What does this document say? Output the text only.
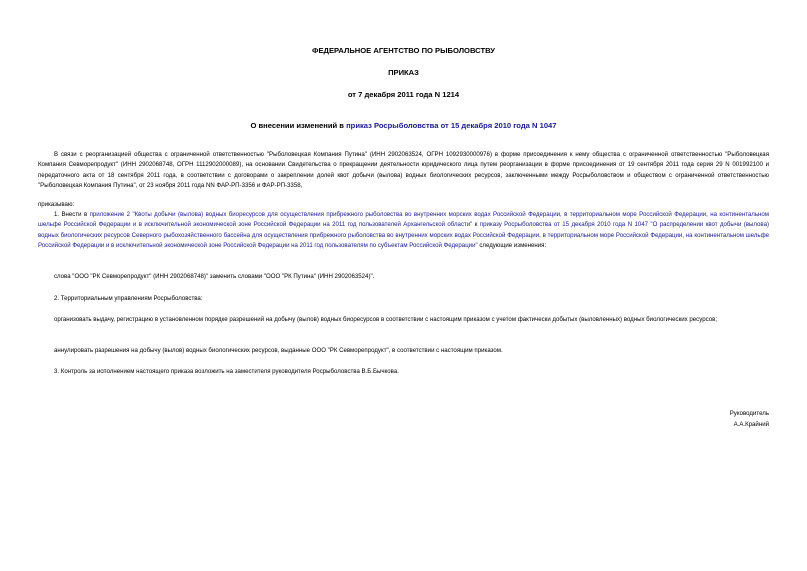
ФЕДЕРАЛЬНОЕ АГЕНТСТВО ПО РЫБОЛОВСТВУ
ПРИКАЗ
от 7 декабря 2011 года N 1214
О внесении изменений в приказ Росрыболовства от 15 декабря 2010 года N 1047
В связи с реорганизацией общества с ограниченной ответственностью "Рыболовецкая Компания Путина" (ИНН 2902063524, ОГРН 1092930000976) в форме присоединения к нему общества с ограниченной ответственностью "Рыболовецкая Компания Севморепродукт" (ИНН 2902068748, ОГРН 1112902000089), на основании Свидетельства о прекращении деятельности юридического лица путем реорганизации в форме присоединения от 19 сентября 2011 года серия 29 N 001992100 и передаточного акта от 18 сентября 2011 года, в соответствии с договорами о закреплении долей квот добычи (вылова) водных биологических ресурсов, заключенными между Росрыболовством и обществом с ограниченной ответственностью "Рыболовецкая Компания Путина", от 23 ноября 2011 года NN ФАР-РП-3356 и ФАР-РП-3358,
приказываю:
1. Внести в приложение 2 "Квоты добычи (вылова) водных биоресурсов для осуществления прибрежного рыболовства во внутренних морских водах Российской Федерации, в территориальном море Российской Федерации, на континентальном шельфе Российской Федерации и в исключительной экономической зоне Российской Федерации на 2011 год пользователей Архангельской области" к приказу Росрыболовства от 15 декабря 2010 года N 1047 "О распределении квот добычи (вылова) водных биологических ресурсов Северного рыбохозяйственного бассейна для осуществления прибрежного рыболовства во внутренних морских водах Российской Федерации, в территориальном море Российской Федерации, на континентальном шельфе Российской Федерации и в исключительной экономической зоне Российской Федерации на 2011 год пользователям по субъектам Российской Федерации" следующие изменения:
слова "ООО "РК Севморепродукт" (ИНН 2902068748)" заменить словами "ООО "РК Путина" (ИНН 2902063524)".
2. Территориальным управлениям Росрыболовства:
организовать выдачу, регистрацию в установленном порядке разрешений на добычу (вылов) водных биоресурсов в соответствии с настоящим приказом с учетом фактически добытых (выловленных) водных биологических ресурсов;
аннулировать разрешения на добычу (вылов) водных биологических ресурсов, выданные ООО "РК Севморепродукт", в соответствии с настоящим приказом.
3. Контроль за исполнением настоящего приказа возложить на заместителя руководителя Росрыболовства В.Б.Бычкова.
Руководитель
А.А.Крайний
